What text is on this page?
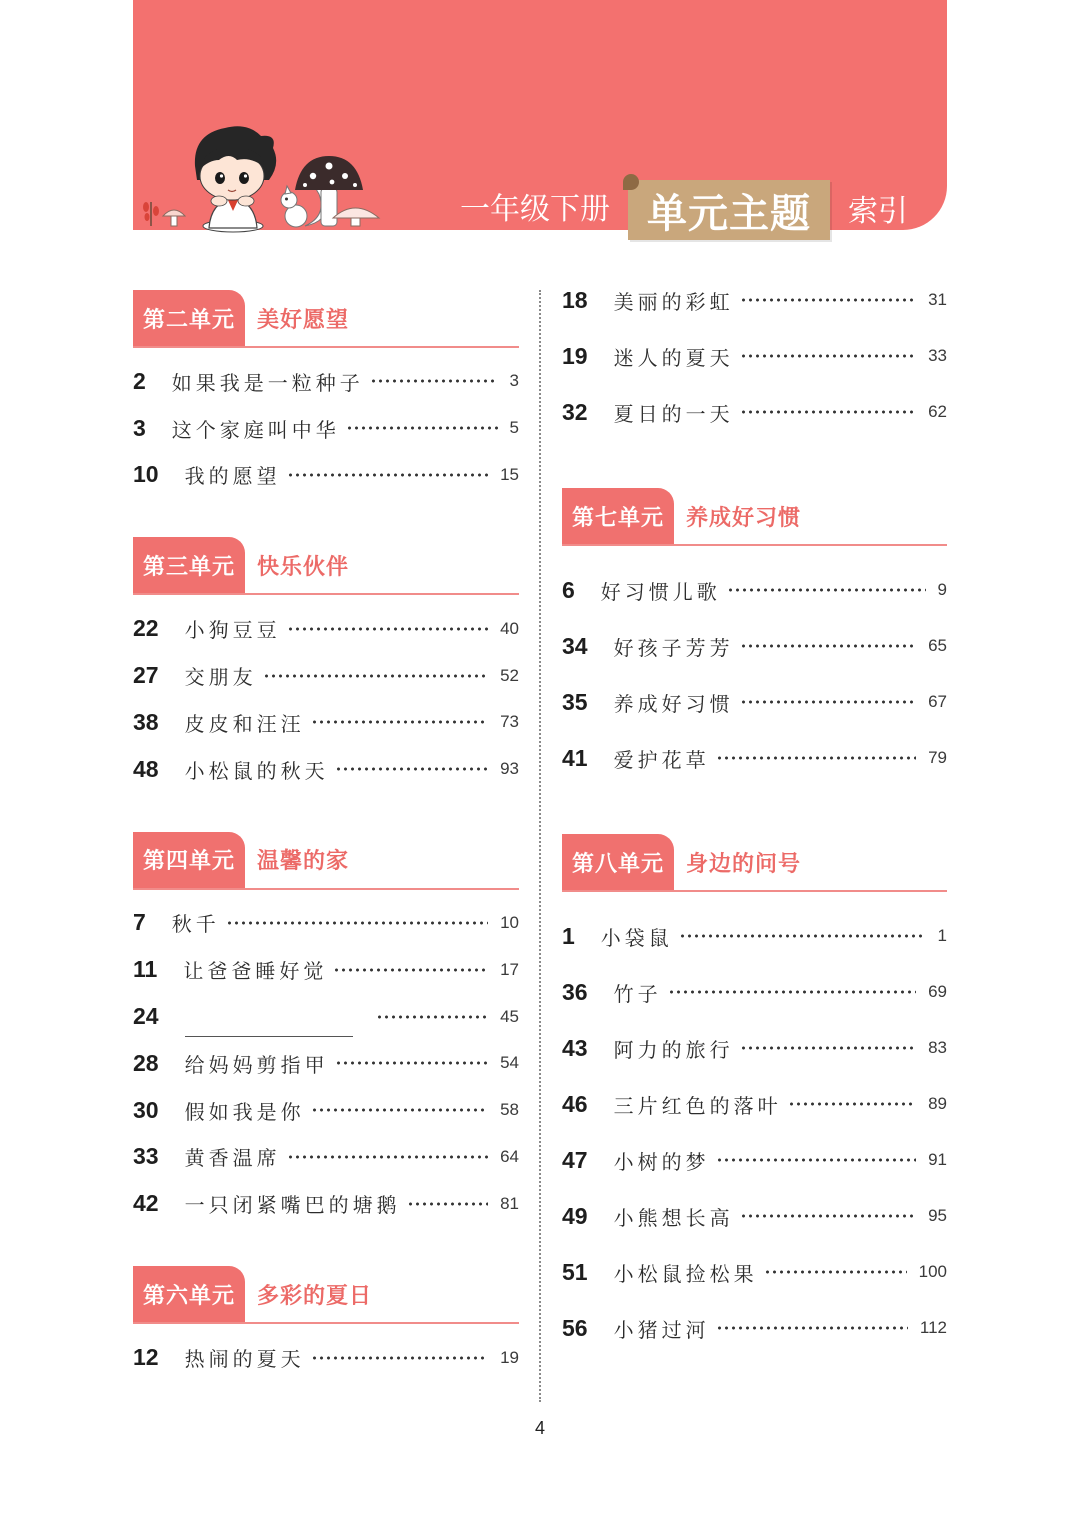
一年级下册 单元主题 索引
第二单元	美好愿望
2 如果我是一粒种子	3
3 这个家庭叫中华	5
10 我的愿望	15
第三单元	快乐伙伴
22 小狗豆豆	40
27 交朋友	52
38 皮皮和汪汪	73
48 小松鼠的秋天	93
第四单元	温馨的家
7 秋千	10
11 让爸爸睡好觉	17
24	45
28 给妈妈剪指甲	54
30 假如我是你	58
33 黄香温席	64
42 一只闭紧嘴巴的塘鹅	81
第六单元	多彩的夏日
12 热闹的夏天	19
18 美丽的彩虹	31
19 迷人的夏天	33
32 夏日的一天	62
第七单元	养成好习惯
6 好习惯儿歌	9
34 好孩子芳芳	65
35 养成好习惯	67
41 爱护花草	79
第八单元	身边的问号
1 小袋鼠	1
36 竹子	69
43 阿力的旅行	83
46 三片红色的落叶	89
47 小树的梦	91
49 小熊想长高	95
51 小松鼠捡松果	100
56 小猪过河	112
4
